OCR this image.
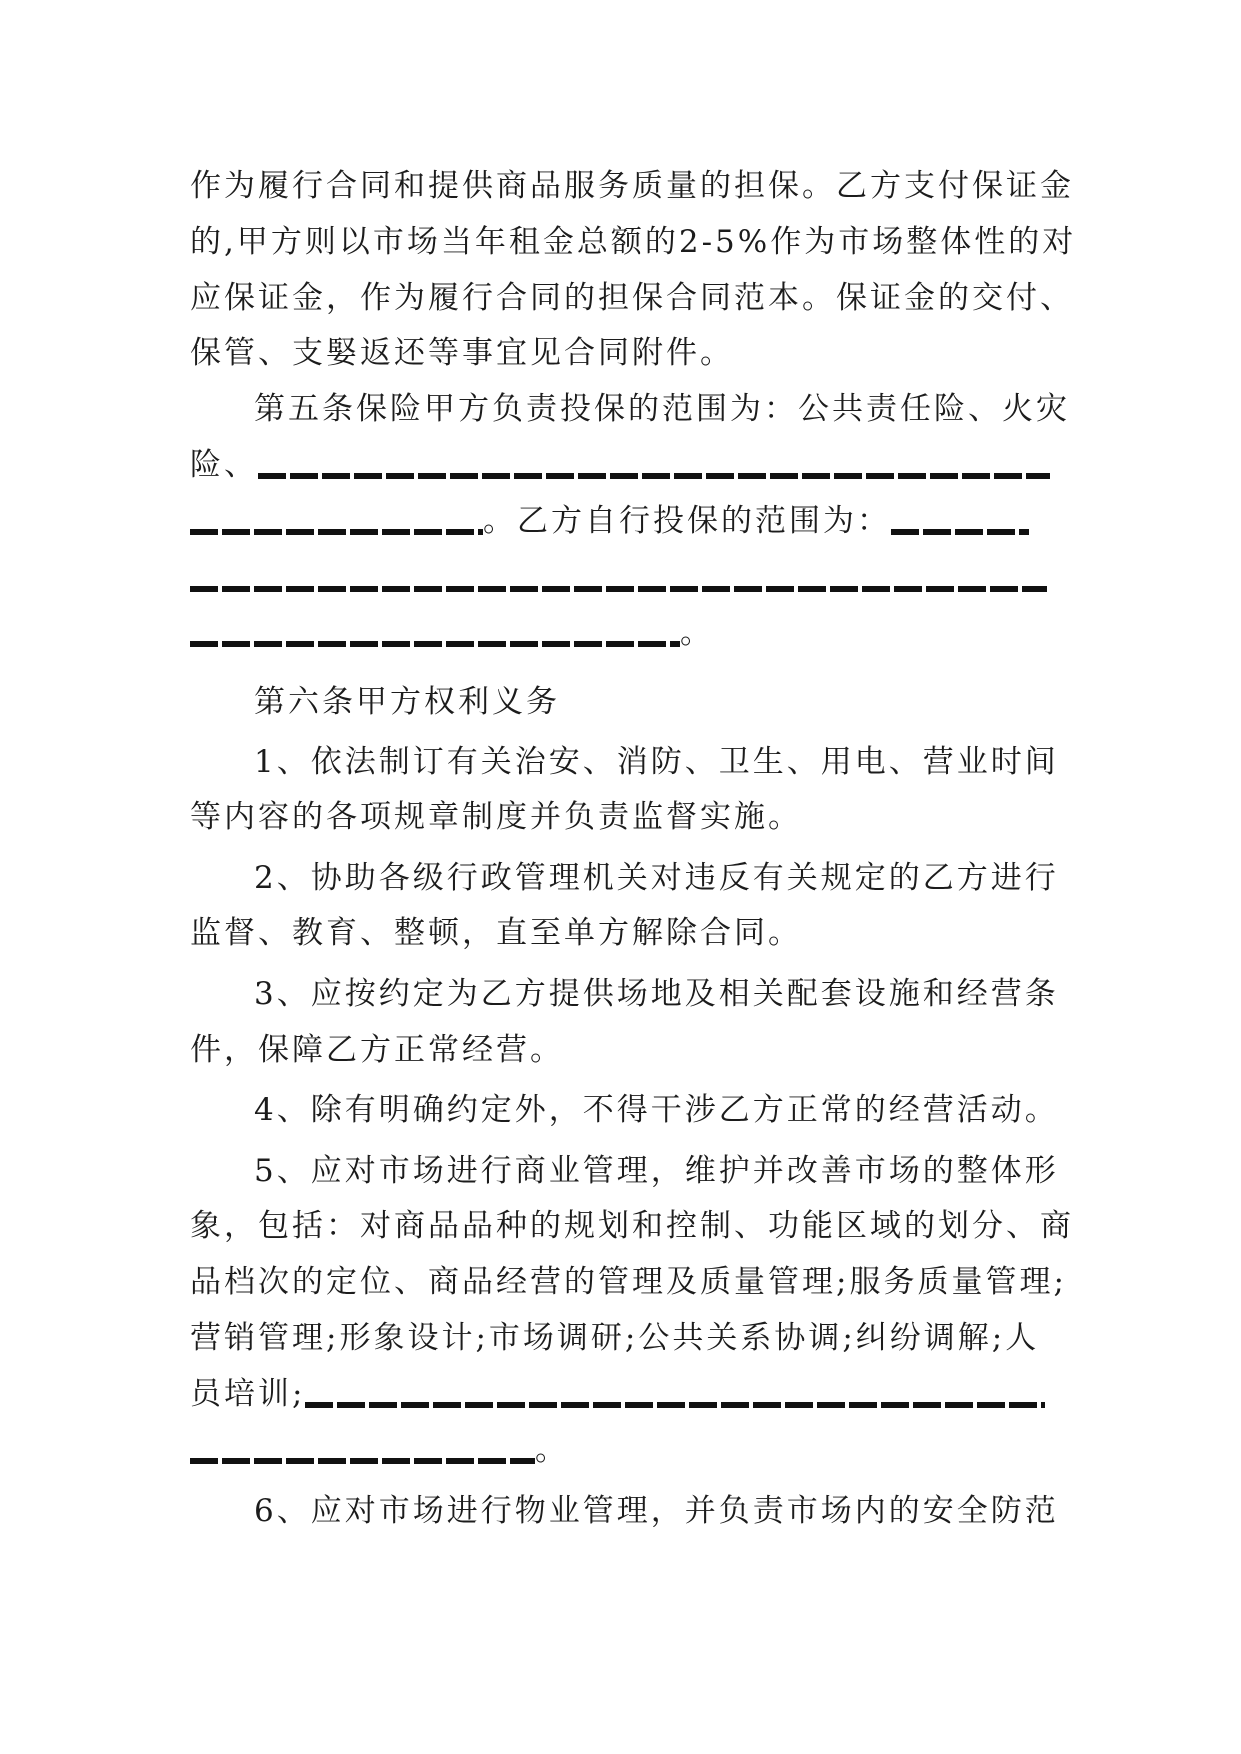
作为履行合同和提供商品服务质量的担保。乙方支付保证金
的,甲方则以市场当年租金总额的2-5%作为市场整体性的对
应保证金，作为履行合同的担保合同范本。保证金的交付、
保管、支婜返还等事宜见合同附件。
第五条保险甲方负责投保的范围为：公共责任险、火灾
险、
。乙方自行投保的范围为：
。
第六条甲方权利义务
1、依法制订有关治安、消防、卫生、用电、营业时间
等内容的各项规章制度并负责监督实施。
2、协助各级行政管理机关对违反有关规定的乙方进行
监督、教育、整顿，直至单方解除合同。
3、应按约定为乙方提供场地及相关配套设施和经营条
件，保障乙方正常经营。
4、除有明确约定外，不得干涉乙方正常的经营活动。
5、应对市场进行商业管理，维护并改善市场的整体形
象，包括：对商品品种的规划和控制、功能区域的划分、商
品档次的定位、商品经营的管理及质量管理;服务质量管理;
营销管理;形象设计;市场调研;公共关系协调;纠纷调解;人
员培训;
。
6、应对市场进行物业管理，并负责市场内的安全防范
